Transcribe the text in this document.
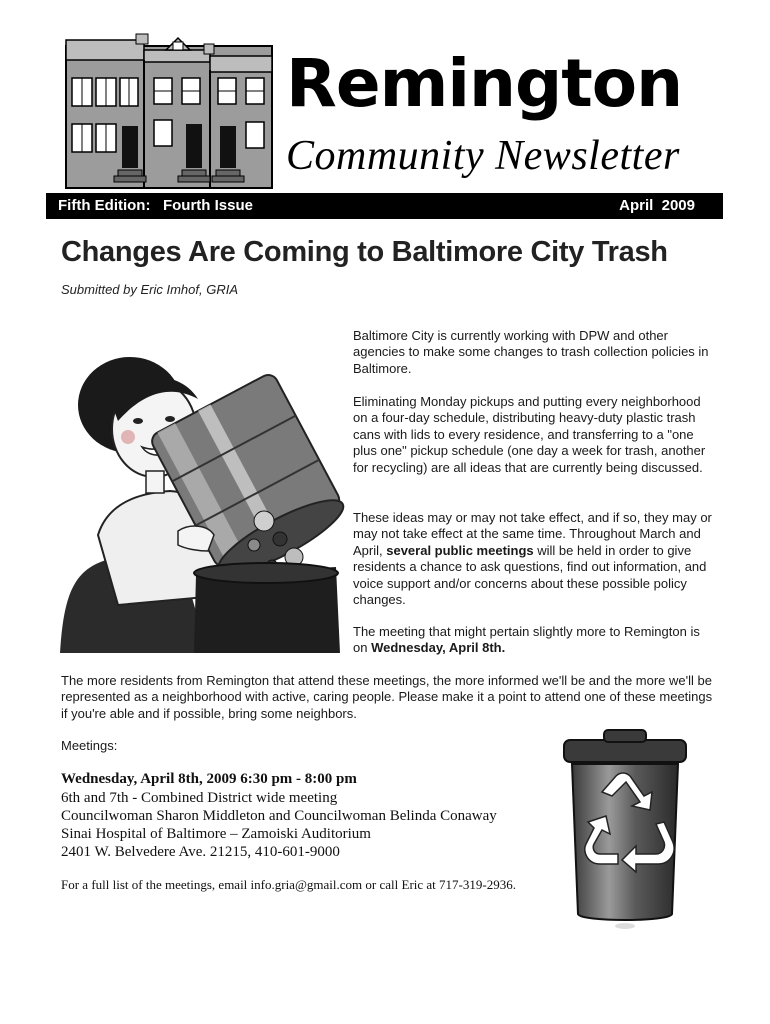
Remington
Community Newsletter
Fifth Edition:   Fourth Issue	April  2009
Changes Are Coming to Baltimore City Trash
Submitted by Eric Imhof, GRIA

Baltimore City is currently working with DPW and other agencies to make some changes to trash collection policies in Baltimore.

Eliminating Monday pickups and putting every neighborhood on a four-day schedule, distributing heavy-duty plastic trash cans with lids to every residence, and transferring to a "one plus one" pickup schedule (one day a week for trash, another for recycling) are all ideas that are currently being discussed.

These ideas may or may not take effect, and if so, they may or may not take effect at the same time. Throughout March and April, several public meetings will be held in order to give residents a chance to ask questions, find out information, and voice support and/or concerns about these possible policy changes.

The meeting that might pertain slightly more to Remington is on Wednesday, April 8th.

The more residents from Remington that attend these meetings, the more informed we'll be and the more we'll be represented as a neighborhood with active, caring people. Please make it a point to attend one of these meetings if you're able and if possible, bring some neighbors.

Meetings:
Wednesday, April 8th, 2009 6:30 pm - 8:00 pm
6th and 7th - Combined District wide meeting
Councilwoman Sharon Middleton and Councilwoman Belinda Conaway
Sinai Hospital of Baltimore – Zamoiski Auditorium
2401 W. Belvedere Ave. 21215, 410-601-9000
For a full list of the meetings, email info.gria@gmail.com or call Eric at 717-319-2936.
